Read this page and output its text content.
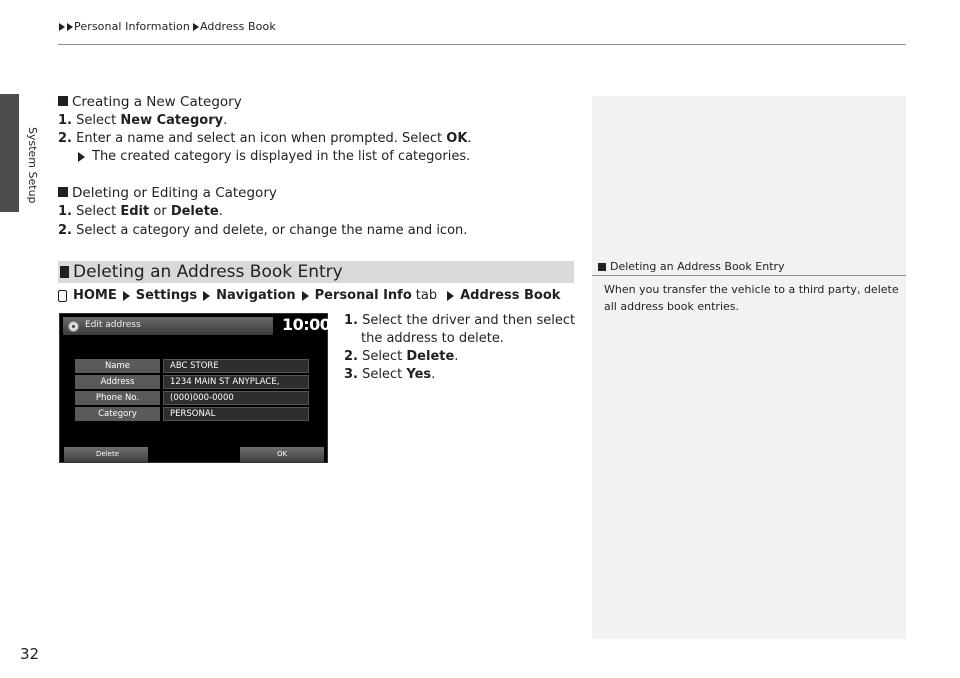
Personal Information Address Book
System Setup
Creating a New Category
1. Select New Category.
2. Enter a name and select an icon when prompted. Select OK.
The created category is displayed in the list of categories.
Deleting or Editing a Category
1. Select Edit or Delete.
2. Select a category and delete, or change the name and icon.
Deleting an Address Book Entry	Deleting an Address Book Entry
When you transfer the vehicle to a third party, delete all address book entries.
HOME Settings Navigation Personal Info tab Address Book
Edit address	10:00
Name	ABC STORE
Address	1234 MAIN ST ANYPLACE,
Phone No.	(000)000-0000
Category	PERSONAL
Delete	OK
1. Select the driver and then select
the address to delete.
2. Select Delete.
3. Select Yes.
32
